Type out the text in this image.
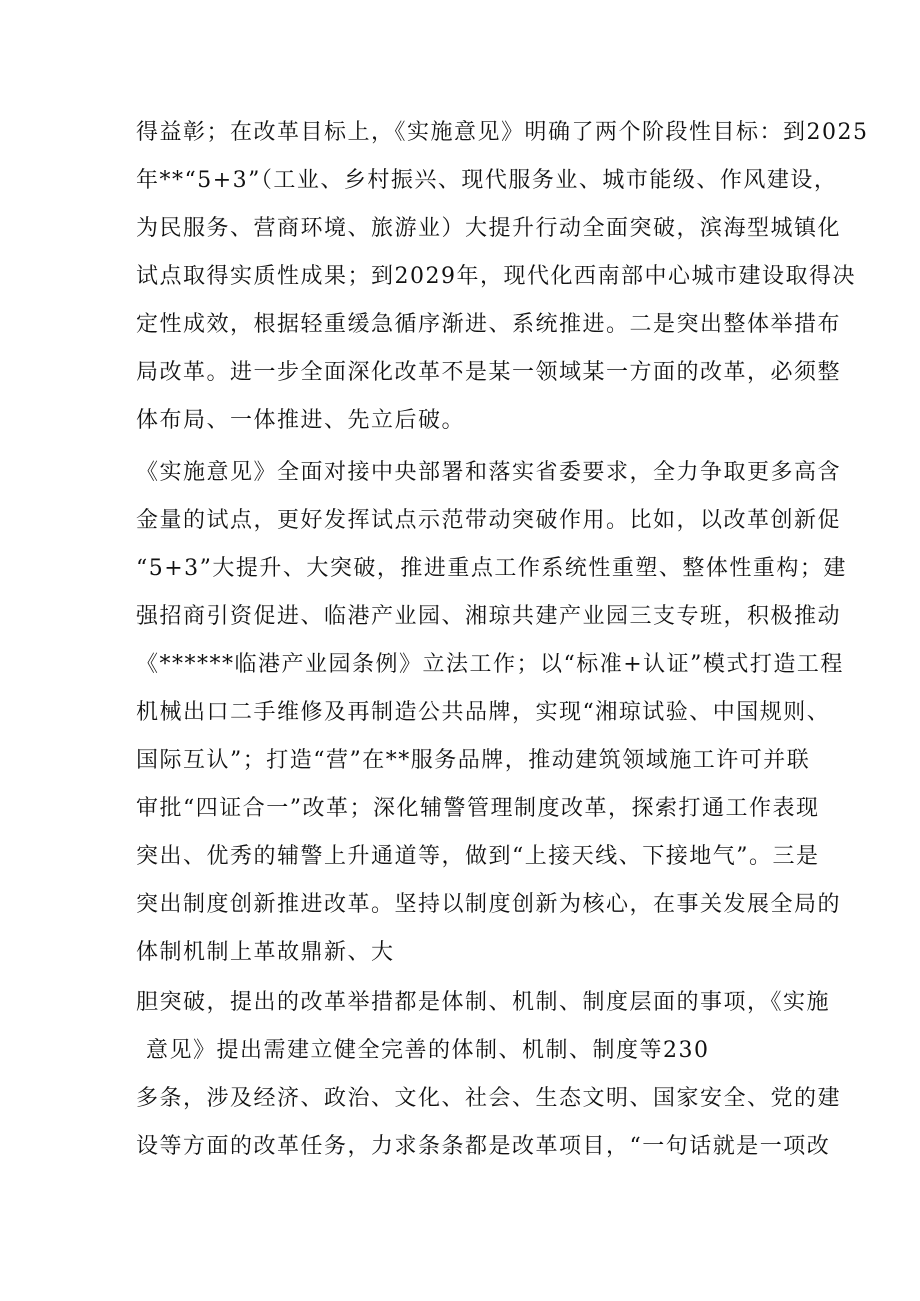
得益彰；在改革目标上，《实施意见》明确了两个阶段性目标：到2025
年**“5+3”（工业、乡村振兴、现代服务业、城市能级、作风建设，
为民服务、营商环境、旅游业）大提升行动全面突破，滨海型城镇化
试点取得实质性成果；到2029年，现代化西南部中心城市建设取得决
定性成效，根据轻重缓急循序渐进、系统推进。二是突出整体举措布
局改革。进一步全面深化改革不是某一领域某一方面的改革，必须整
体布局、一体推进、先立后破。
《实施意见》全面对接中央部署和落实省委要求，全力争取更多高含
金量的试点，更好发挥试点示范带动突破作用。比如，以改革创新促
“5+3”大提升、大突破，推进重点工作系统性重塑、整体性重构；建
强招商引资促进、临港产业园、湘琼共建产业园三支专班，积极推动
《******临港产业园条例》立法工作；以“标准+认证”模式打造工程
机械出口二手维修及再制造公共品牌，实现“湘琼试验、中国规则、
国际互认”；打造“营”在**服务品牌，推动建筑领域施工许可并联
审批“四证合一”改革；深化辅警管理制度改革，探索打通工作表现
突出、优秀的辅警上升通道等，做到“上接天线、下接地气”。三是
突出制度创新推进改革。坚持以制度创新为核心，在事关发展全局的
体制机制上革故鼎新、大
胆突破，提出的改革举措都是体制、机制、制度层面的事项，《实施
意见》提出需建立健全完善的体制、机制、制度等230
多条，涉及经济、政治、文化、社会、生态文明、国家安全、党的建
设等方面的改革任务，力求条条都是改革项目，“一句话就是一项改
